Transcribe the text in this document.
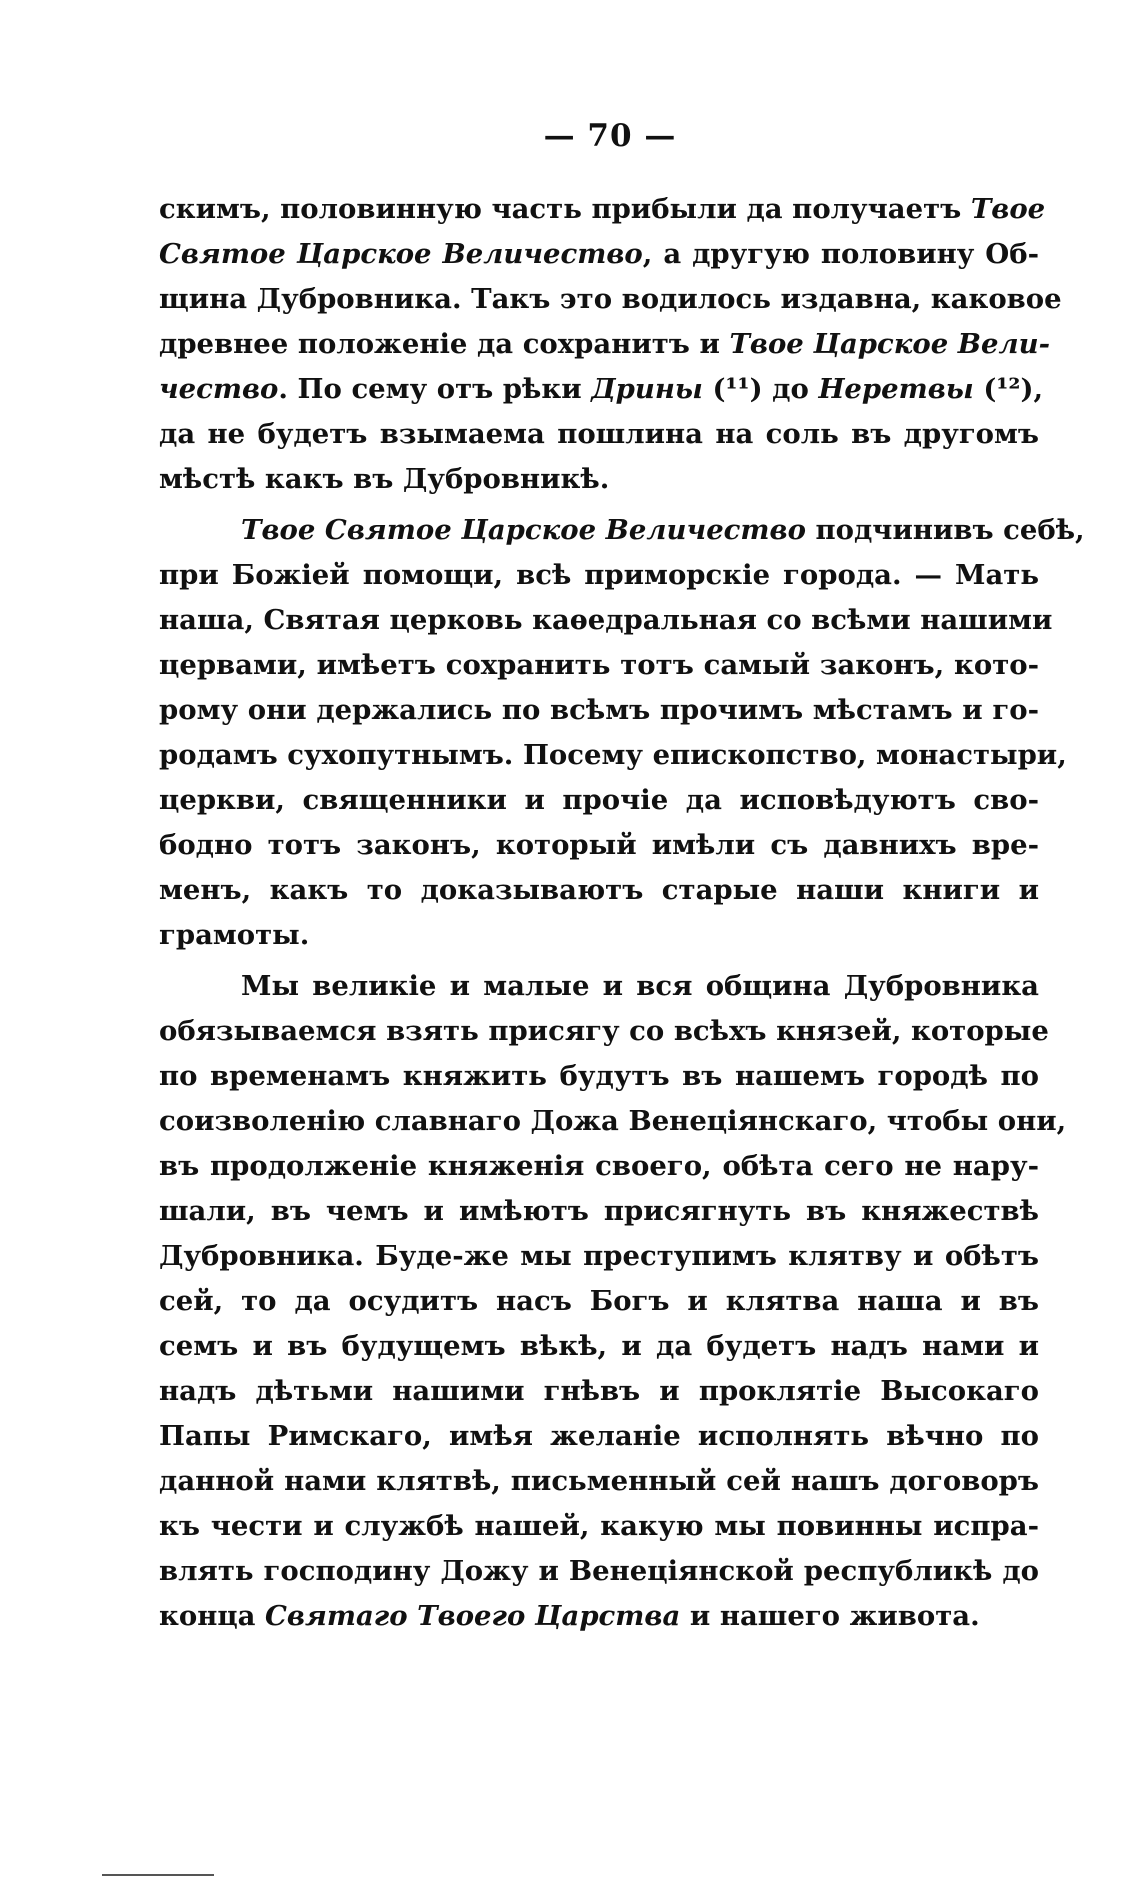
— 70 —
скимъ, половинную часть прибыли да получаетъ Твое
Святое Царское Величество, а другую половину Об-
щина Дубровника. Такъ это водилось издавна, каковое
древнее положеніе да сохранитъ и Твое Царское Вели-
чество. По сему отъ рѣки Дрины (¹¹) до Неретвы (¹²),
да не будетъ взымаема пошлина на соль въ другомъ
мѣстѣ какъ въ Дубровникѣ.
Твое Святое Царское Величество подчинивъ себѣ,
при Божіей помощи, всѣ приморскіе города. — Мать
наша, Святая церковь каѳедральная со всѣми нашими
цервами, имѣетъ сохранить тотъ самый законъ, кото-
рому они держались по всѣмъ прочимъ мѣстамъ и го-
родамъ сухопутнымъ. Посему епископство, монастыри,
церкви, священники и прочіе да исповѣдуютъ сво-
бодно тотъ законъ, который имѣли съ давнихъ вре-
менъ, какъ то доказываютъ старые наши книги и
грамоты.
Мы великіе и малые и вся община Дубровника
обязываемся взять присягу со всѣхъ князей, которые
по временамъ княжить будутъ въ нашемъ городѣ по
соизволенію славнаго Дожа Венеціянскаго, чтобы они,
въ продолженіе княженія своего, обѣта сего не нару-
шали, въ чемъ и имѣютъ присягнуть въ княжествѣ
Дубровника. Буде-же мы преступимъ клятву и обѣтъ
сей, то да осудитъ насъ Богъ и клятва наша и въ
семъ и въ будущемъ вѣкѣ, и да будетъ надъ нами и
надъ дѣтьми нашими гнѣвъ и проклятіе Высокаго
Папы Римскаго, имѣя желаніе исполнять вѣчно по
данной нами клятвѣ, письменный сей нашъ договоръ
къ чести и службѣ нашей, какую мы повинны испра-
влять господину Дожу и Венеціянской республикѣ до
конца Святаго Твоего Царства и нашего живота.
